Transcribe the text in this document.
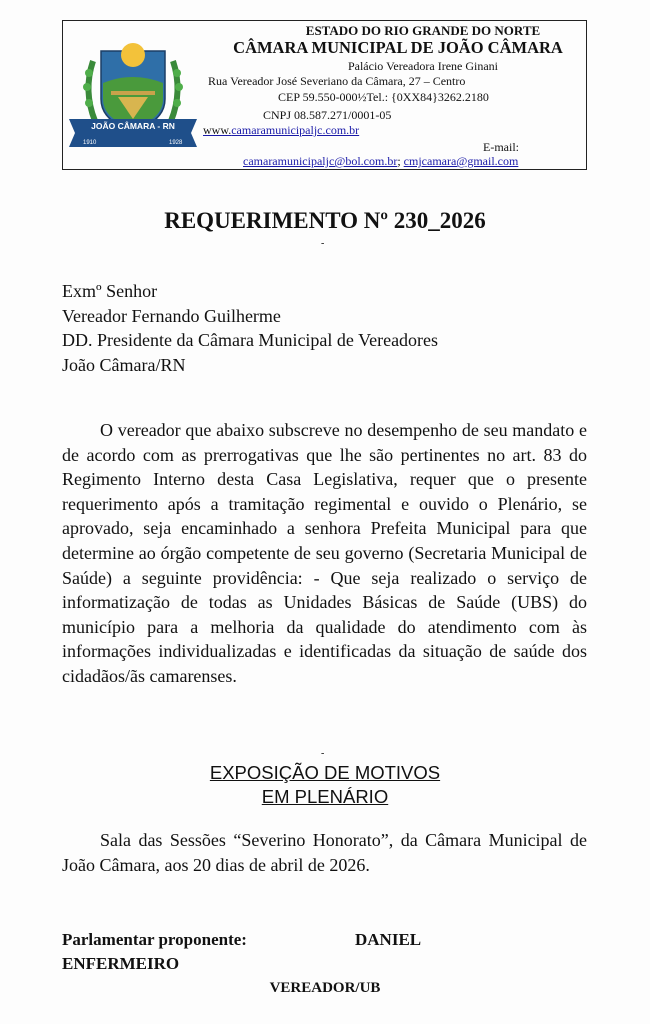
JOÃO CÂMARA - RN
1910	1928
ESTADO DO RIO GRANDE DO NORTE
CÂMARA MUNICIPAL DE JOÃO CÂMARA
Palácio Vereadora Irene Ginani
Rua Vereador José Severiano da Câmara, 27 – Centro
CEP 59.550-000½Tel.: {0XX84}3262.2180
CNPJ 08.587.271/0001-05
www.camaramunicipaljc.com.br
E-mail:
camaramunicipaljc@bol.com.br; cmjcamara@gmail.com
REQUERIMENTO Nº 230_2026
-
Exmº Senhor
Vereador Fernando Guilherme
DD. Presidente da Câmara Municipal de Vereadores
João Câmara/RN
O vereador que abaixo subscreve no desempenho de seu mandato e de acordo com as prerrogativas que lhe são pertinentes no art. 83 do Regimento Interno desta Casa Legislativa, requer que o presente requerimento após a tramitação regimental e ouvido o Plenário, se aprovado, seja encaminhado a senhora Prefeita Municipal para que determine ao órgão competente de seu governo (Secretaria Municipal de Saúde) a seguinte providência: - Que seja realizado o serviço de informatização de todas as Unidades Básicas de Saúde (UBS) do município para a melhoria da qualidade do atendimento com às informações individualizadas e identificadas da situação de saúde dos cidadãos/ãs camarenses.
-
EXPOSIÇÃO DE MOTIVOS
EM PLENÁRIO
Sala das Sessões “Severino Honorato”, da Câmara Municipal de João Câmara, aos 20 dias de abril de 2026.
Parlamentar proponente:	DANIEL
ENFERMEIRO
VEREADOR/UB
